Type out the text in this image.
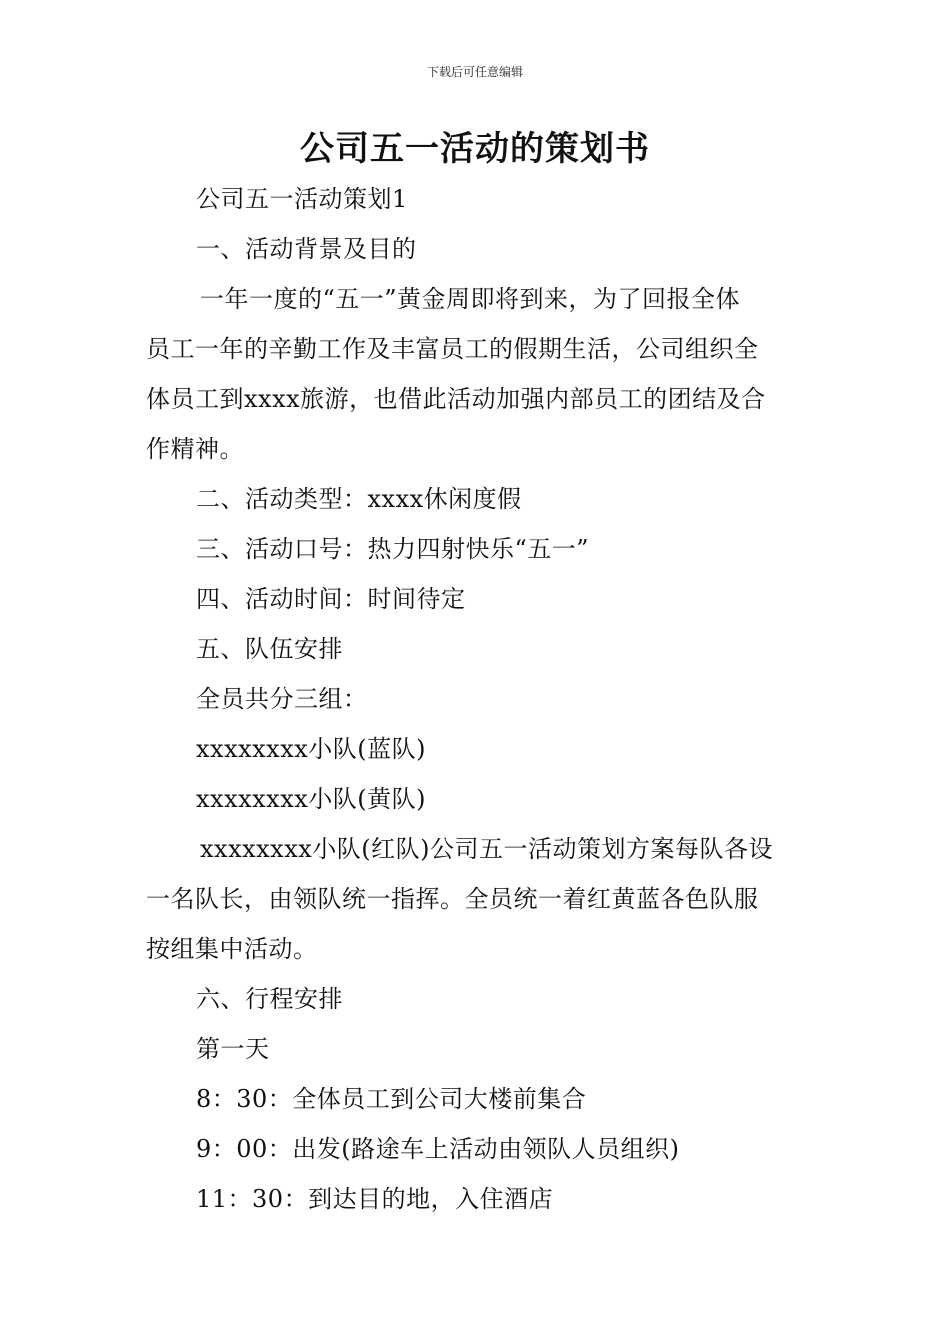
下载后可任意编辑
公司五一活动的策划书

公司五一活动策划1

一、活动背景及目的

一年一度的“五一”黄金周即将到来，为了回报全体

员工一年的辛勤工作及丰富员工的假期生活，公司组织全

体员工到xxxx旅游，也借此活动加强内部员工的团结及合

作精神。

二、活动类型：xxxx休闲度假

三、活动口号：热力四射快乐“五一”

四、活动时间：时间待定

五、队伍安排

全员共分三组：

xxxxxxxx小队(蓝队)

xxxxxxxx小队(黄队)

xxxxxxxx小队(红队)公司五一活动策划方案每队各设

一名队长，由领队统一指挥。全员统一着红黄蓝各色队服

按组集中活动。

六、行程安排

第一天

8：30：全体员工到公司大楼前集合

9：00：出发(路途车上活动由领队人员组织)

11：30：到达目的地，入住酒店
